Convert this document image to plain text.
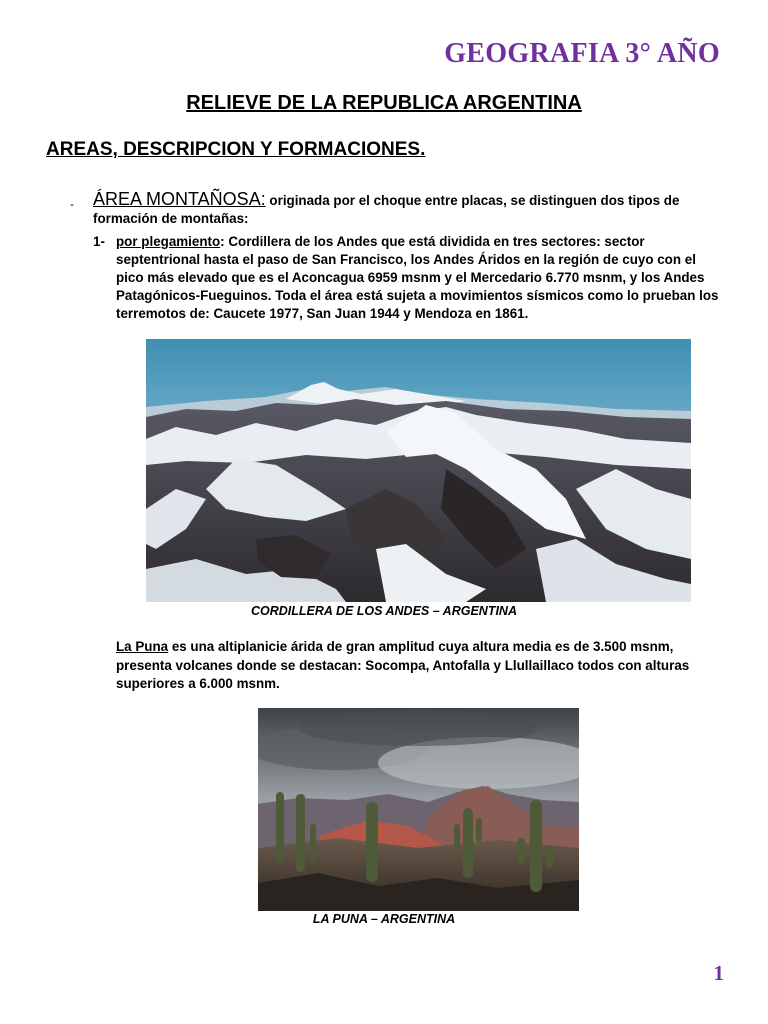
GEOGRAFIA 3° AÑO
RELIEVE DE LA REPUBLICA ARGENTINA
AREAS, DESCRIPCION Y FORMACIONES.
- ÁREA MONTAÑOSA: originada por el choque entre placas, se distinguen dos tipos de formación de montañas:
1- por plegamiento: Cordillera de los Andes que está dividida en tres sectores: sector septentrional hasta el paso de San Francisco, los Andes Áridos en la región de cuyo con el pico más elevado que es el Aconcagua 6959 msnm y el Mercedario 6.770 msnm, y los Andes Patagónicos-Fueguinos. Toda el área está sujeta a movimientos sísmicos como lo prueban los terremotos de: Caucete 1977, San Juan 1944 y Mendoza en 1861.
CORDILLERA DE LOS ANDES – ARGENTINA
La Puna es una altiplanicie árida de gran amplitud cuya altura media es de 3.500 msnm, presenta volcanes donde se destacan: Socompa, Antofalla y Llullaillaco todos con alturas superiores a 6.000 msnm.
LA PUNA – ARGENTINA
1
